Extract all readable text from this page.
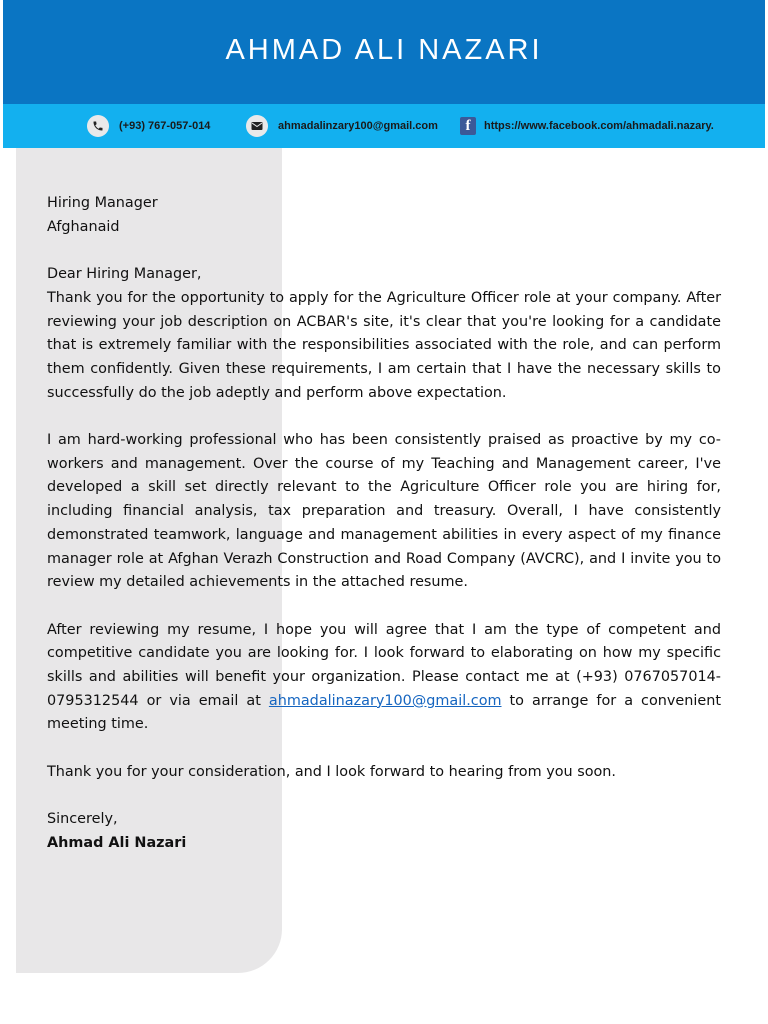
AHMAD ALI NAZARI
(+93) 767-057-014	ahmadalinzary100@gmail.com	f	https://www.facebook.com/ahmadali.nazary.

Hiring Manager

Afghanaid

Dear Hiring Manager,

Thank you for the opportunity to apply for the Agriculture Officer role at your company. After reviewing your job description on ACBAR's site, it's clear that you're looking for a candidate that is extremely familiar with the responsibilities associated with the role, and can perform them confidently. Given these requirements, I am certain that I have the necessary skills to successfully do the job adeptly and perform above expectation.

I am hard-working professional who has been consistently praised as proactive by my co-workers and management. Over the course of my Teaching and Management career, I've developed a skill set directly relevant to the Agriculture Officer role you are hiring for, including financial analysis, tax preparation and treasury. Overall, I have consistently demonstrated teamwork, language and management abilities in every aspect of my finance manager role at Afghan Verazh Construction and Road Company (AVCRC), and I invite you to review my detailed achievements in the attached resume.

After reviewing my resume, I hope you will agree that I am the type of competent and competitive candidate you are looking for. I look forward to elaborating on how my specific skills and abilities will benefit your organization. Please contact me at (+93) 0767057014-0795312544 or via email at ahmadalinazary100@gmail.com to arrange for a convenient meeting time.

Thank you for your consideration, and I look forward to hearing from you soon.

Sincerely,

Ahmad Ali Nazari
